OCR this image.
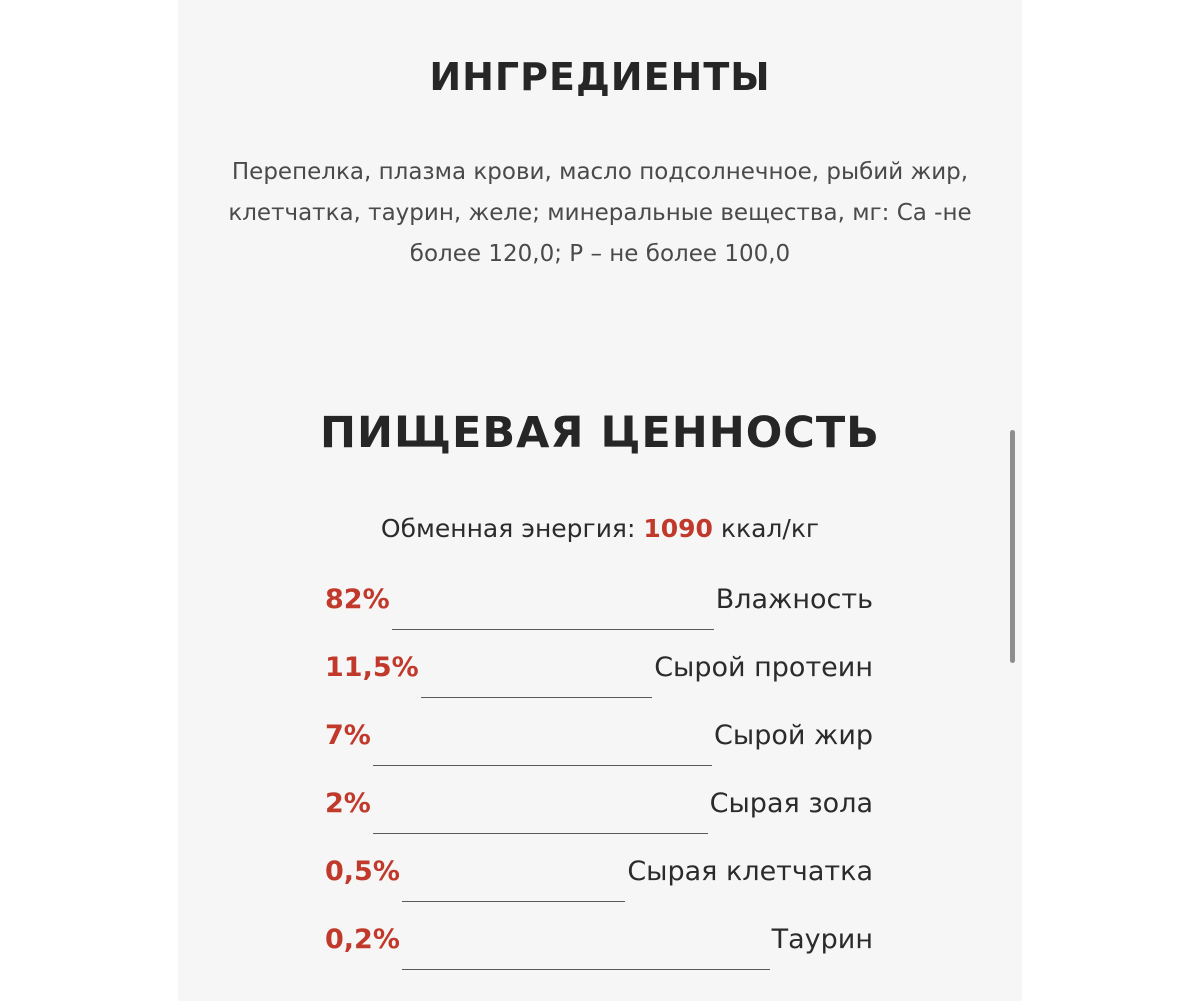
ИНГРЕДИЕНТЫ

Перепелка, плазма крови, масло подсолнечное, рыбий жир, клетчатка, таурин, желе; минеральные вещества, мг: Ca -не более 120,0; P – не более 100,0

ПИЩЕВАЯ ЦЕННОСТЬ

Обменная энергия: 1090 ккал/кг

82%	Влажность
11,5%	Сырой протеин
7%	Сырой жир
2%	Сырая зола
0,5%	Сырая клетчатка
0,2%	Таурин
